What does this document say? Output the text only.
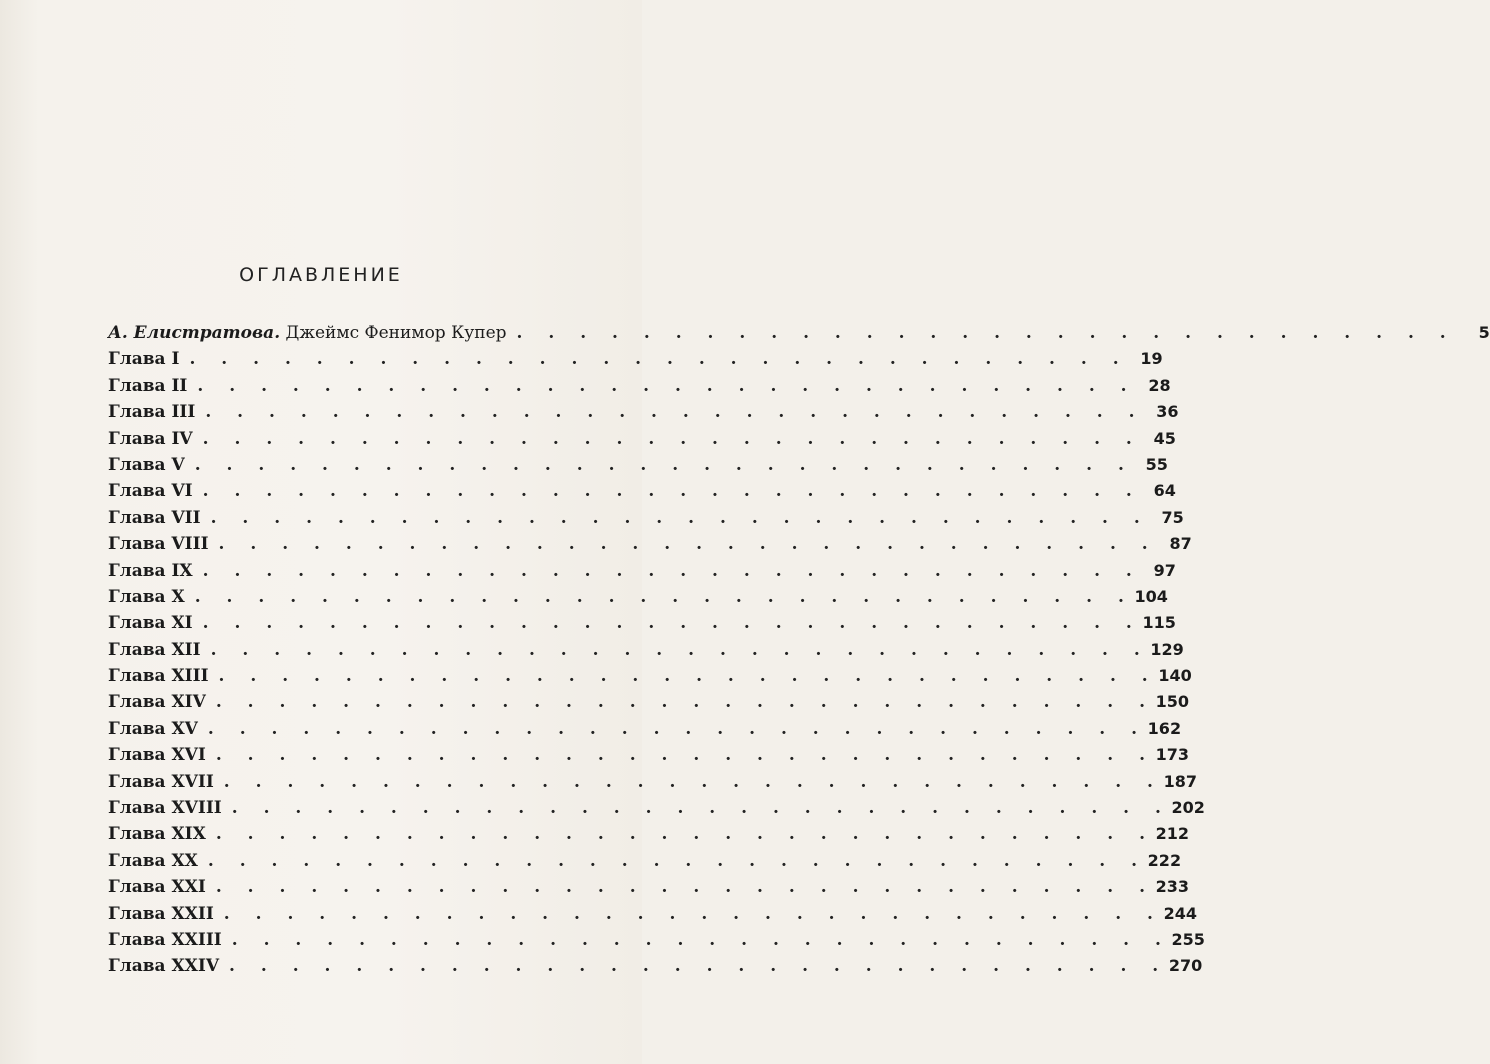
ОГЛАВЛЕНИЕ
А. Елистратова. Джеймс Фенимор Купер . . . . . . . . . . . . . . . . . . . . . . . . . . . . . .	5
Глава I . . . . . . . . . . . . . . . . . . . . . . . . . . . . . . 19
Глава II . . . . . . . . . . . . . . . . . . . . . . . . . . . . . . 28
Глава III . . . . . . . . . . . . . . . . . . . . . . . . . . . . . . 36
Глава IV . . . . . . . . . . . . . . . . . . . . . . . . . . . . . . 45
Глава V . . . . . . . . . . . . . . . . . . . . . . . . . . . . . . 55
Глава VI . . . . . . . . . . . . . . . . . . . . . . . . . . . . . . 64
Глава VII . . . . . . . . . . . . . . . . . . . . . . . . . . . . . . 75
Глава VIII . . . . . . . . . . . . . . . . . . . . . . . . . . . . . . 87
Глава IX . . . . . . . . . . . . . . . . . . . . . . . . . . . . . . 97
Глава X . . . . . . . . . . . . . . . . . . . . . . . . . . . . . . 104
Глава XI . . . . . . . . . . . . . . . . . . . . . . . . . . . . . . 115
Глава XII . . . . . . . . . . . . . . . . . . . . . . . . . . . . . . 129
Глава XIII . . . . . . . . . . . . . . . . . . . . . . . . . . . . . . 140
Глава XIV . . . . . . . . . . . . . . . . . . . . . . . . . . . . . . 150
Глава XV . . . . . . . . . . . . . . . . . . . . . . . . . . . . . . 162
Глава XVI . . . . . . . . . . . . . . . . . . . . . . . . . . . . . . 173
Глава XVII . . . . . . . . . . . . . . . . . . . . . . . . . . . . . . 187
Глава XVIII . . . . . . . . . . . . . . . . . . . . . . . . . . . . . . 202
Глава XIX . . . . . . . . . . . . . . . . . . . . . . . . . . . . . . 212
Глава XX . . . . . . . . . . . . . . . . . . . . . . . . . . . . . . 222
Глава XXI . . . . . . . . . . . . . . . . . . . . . . . . . . . . . . 233
Глава XXII . . . . . . . . . . . . . . . . . . . . . . . . . . . . . . 244
Глава XXIII . . . . . . . . . . . . . . . . . . . . . . . . . . . . . . 255
Глава XXIV . . . . . . . . . . . . . . . . . . . . . . . . . . . . . . 270
